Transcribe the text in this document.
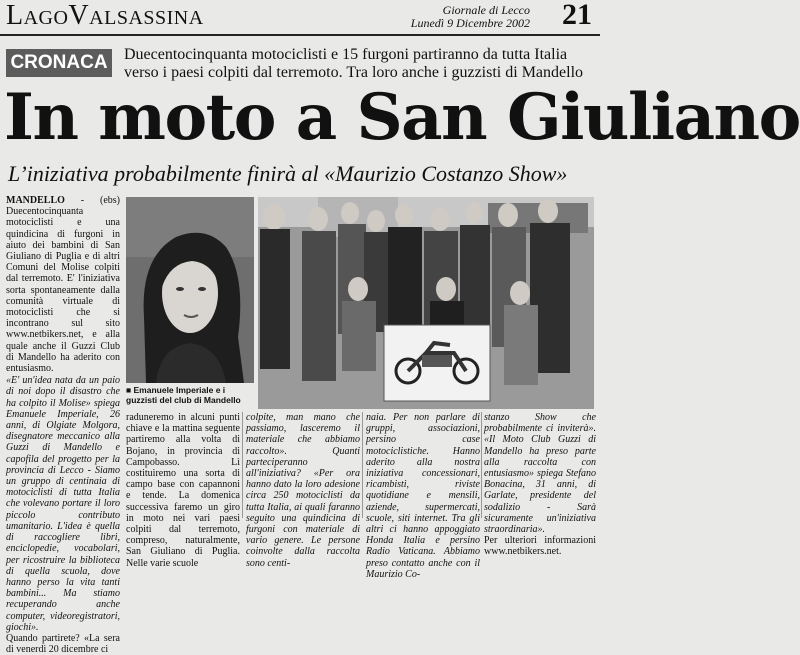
LagoValsassina	Giornale di Lecco
Lunedì 9 Dicembre 2002 21
CRONACA Duecentocinquanta motociclisti e 15 furgoni partiranno da tutta Italia verso i paesi colpiti dal terremoto. Tra loro anche i guzzisti di Mandello
In moto a San Giuliano
L’iniziativa probabilmente finirà al «Maurizio Costanzo Show»
MANDELLO - (ebs) Duecentocinquanta motociclisti e una quindicina di furgoni in aiuto dei bambini di San Giuliano di Puglia e di altri Comuni del Molise colpiti dal terremoto. E' l'iniziativa sorta spontaneamente dalla comunità virtuale di motociclisti che si incontrano sul sito www.netbikers.net, e alla quale anche il Guzzi Club di Mandello ha aderito con entusiasmo.
«E' un'idea nata da un paio di noi dopo il disastro che ha colpito il Molise» spiega Emanuele Imperiale, 26 anni, di Olgiate Molgora, disegnatore meccanico alla Guzzi di Mandello e capofila del progetto per la provincia di Lecco - Siamo un gruppo di centinaia di motociclisti di tutta Italia che volevano portare il loro piccolo contributo umanitario. L'idea è quella di raccogliere libri, enciclopedie, vocabolari, per ricostruire la biblioteca di quella scuola, dove hanno perso la vita tanti bambini... Ma stiamo recuperando anche computer, videoregistratori, giochi».
Quando partirete? «La sera di venerdì 20 dicembre ci
■ Emanuele Imperiale e i guzzisti del club di Mandello
raduneremo in alcuni punti chiave e la mattina seguente partiremo alla volta di Bojano, in provincia di Campobasso. Lì costituiremo una sorta di campo base con capannoni e tende. La domenica successiva faremo un giro in moto nei vari paesi colpiti dal terremoto, compreso, naturalmente, San Giuliano di Puglia. Nelle varie scuole
colpite, man mano che passiamo, lasceremo il materiale che abbiamo raccolto». Quanti parteciperanno all'iniziativa? «Per ora hanno dato la loro adesione circa 250 motociclisti da tutta Italia, ai quali faranno seguito una quindicina di furgoni con materiale di vario genere. Le persone coinvolte dalla raccolta sono centi-
naia. Per non parlare di gruppi, associazioni, persino case motociclistiche. Hanno aderito alla nostra iniziativa concessionari, ricambisti, riviste quotidiane e mensili, aziende, supermercati, scuole, siti internet. Tra gli altri ci hanno appoggiato Honda Italia e persino Radio Vaticana. Abbiamo preso contatto anche con il Maurizio Co-
stanzo Show che probabilmente ci inviterà». «Il Moto Club Guzzi di Mandello ha preso parte alla raccolta con entusiasmo» spiega Stefano Bonacina, 31 anni, di Garlate, presidente del sodalizio - Sarà sicuramente un'iniziativa straordinaria».
Per ulteriori informazioni www.netbikers.net.
